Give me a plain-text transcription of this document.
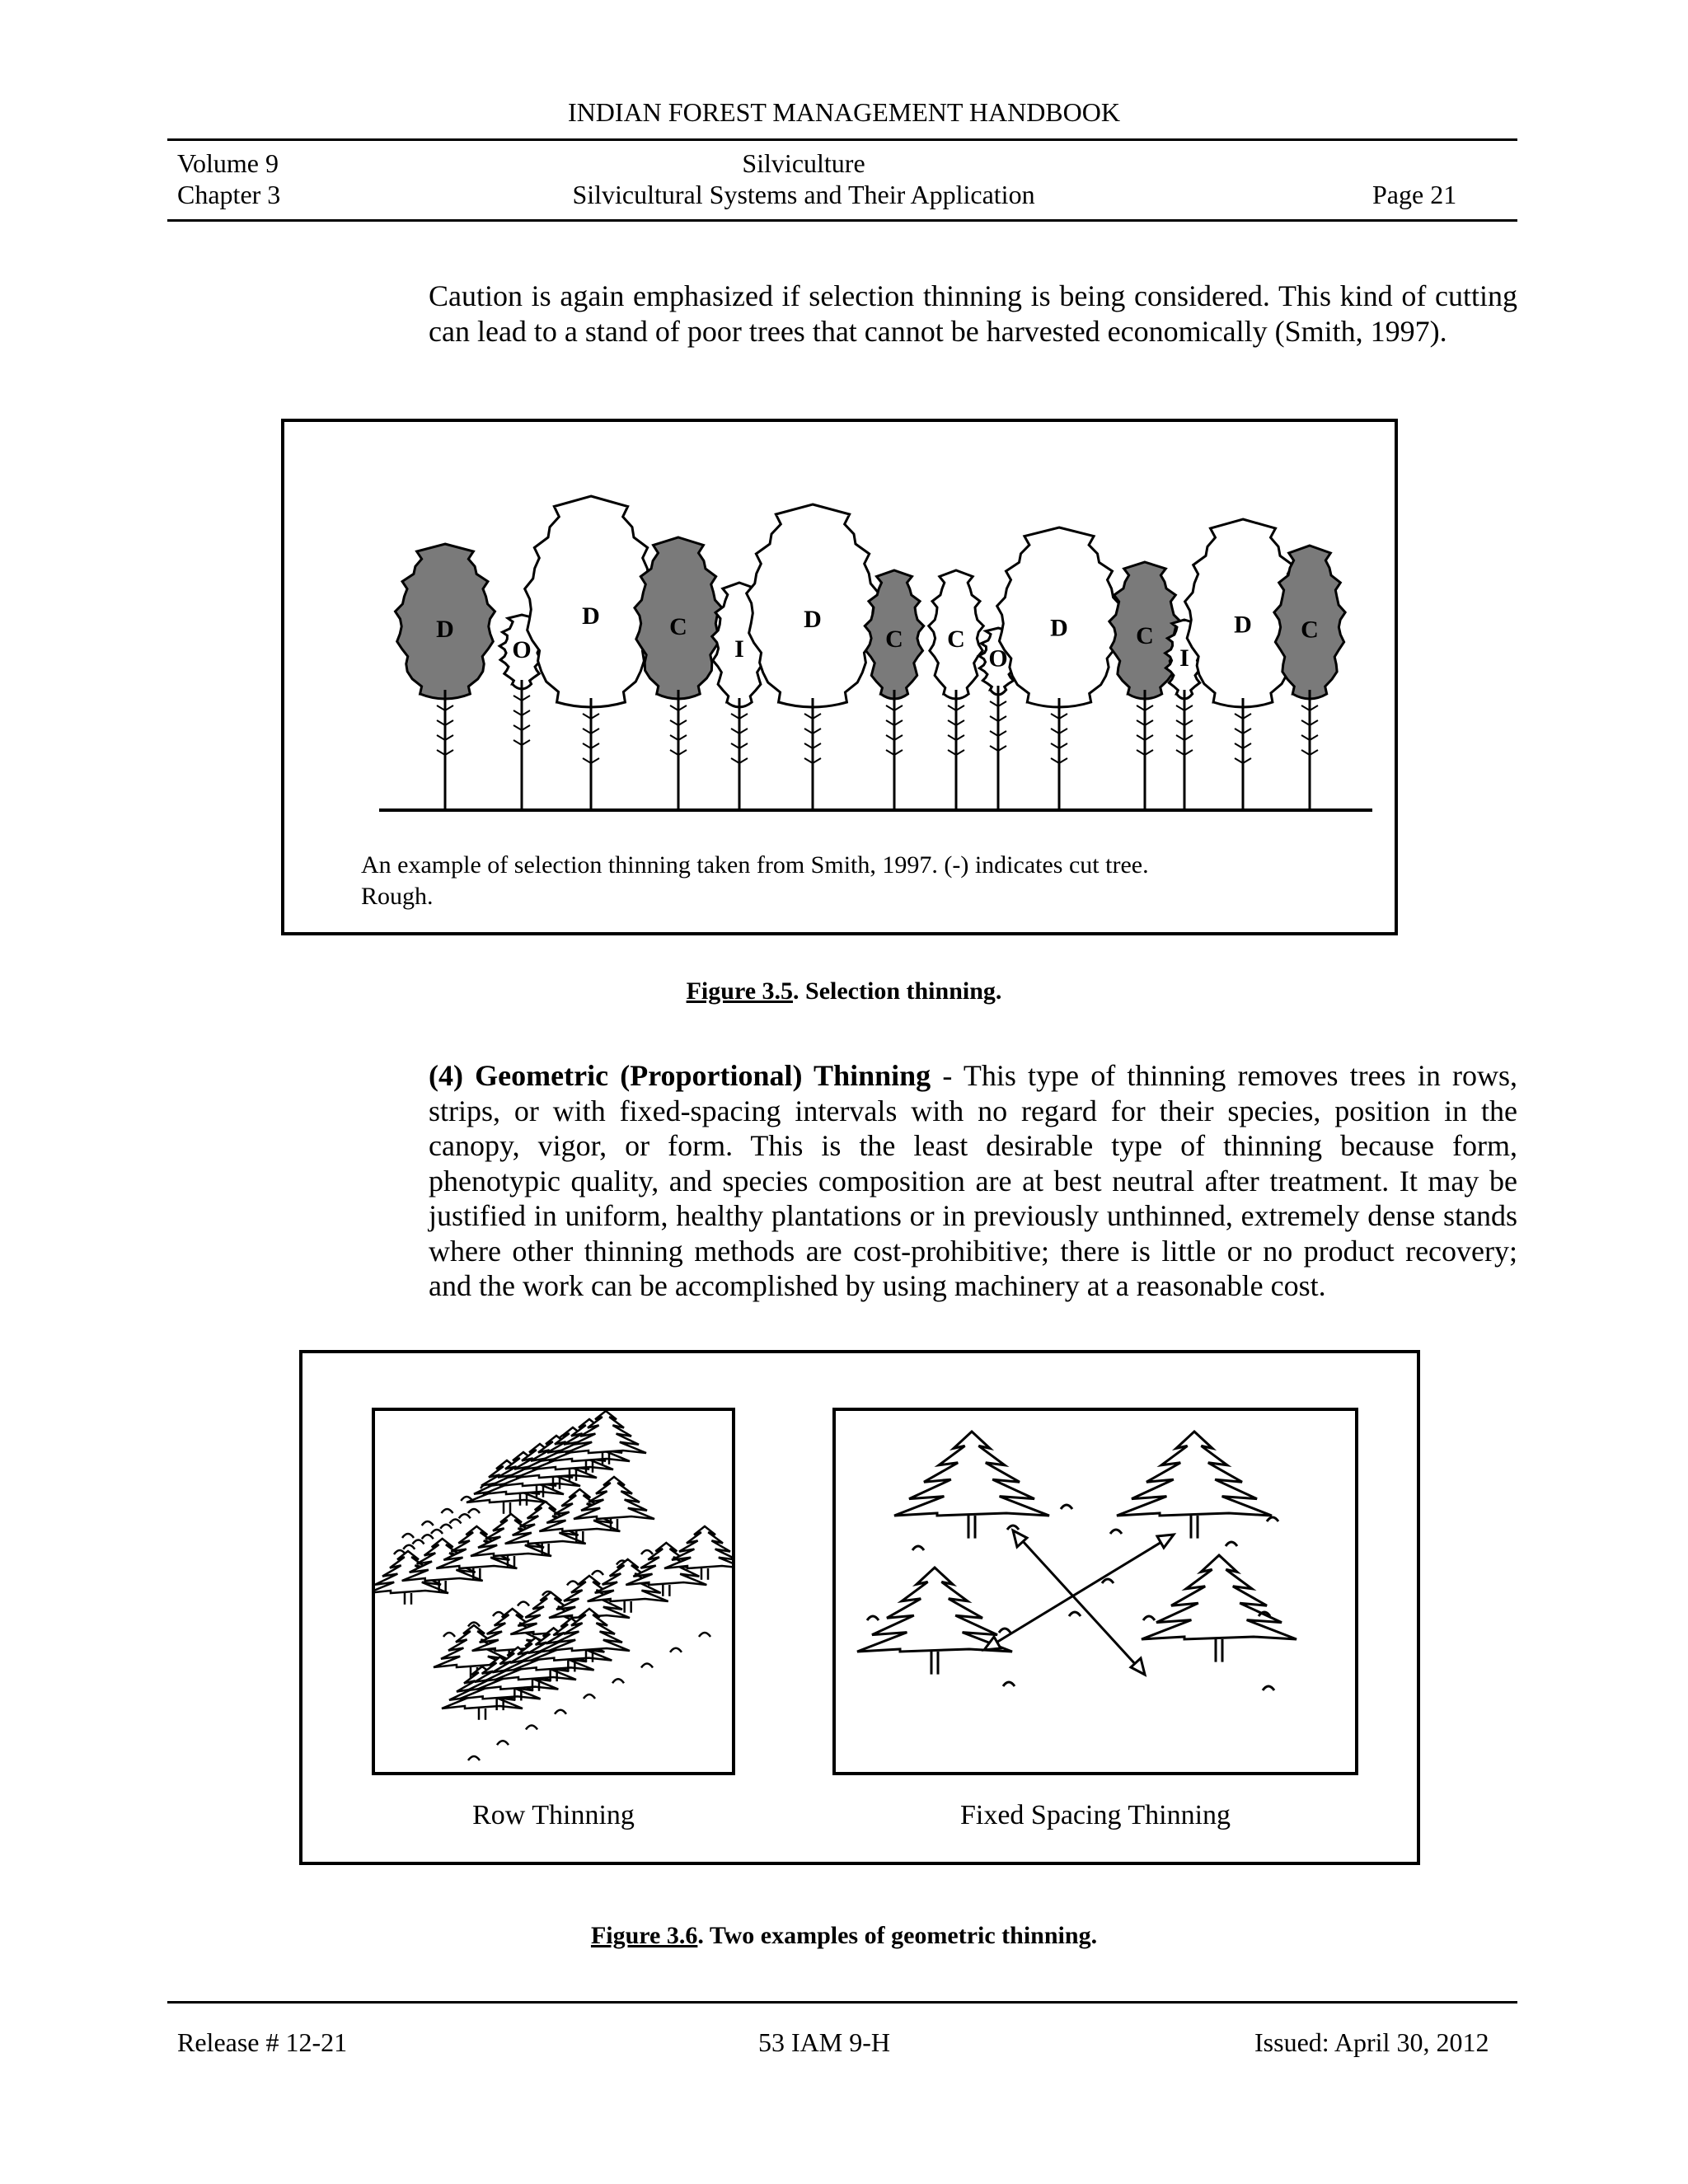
INDIAN FOREST MANAGEMENT HANDBOOK
Volume 9	Silviculture
Chapter 3	Silvicultural Systems and Their Application	Page 21
Caution is again emphasized if selection thinning is being considered. This kind of cutting can lead to a stand of poor trees that cannot be harvested economically (Smith, 1997).
D
O
D	C
I
D
C C
O
D	C
I
D C
An example of selection thinning taken from Smith, 1997. (-) indicates cut tree.
Rough.
Figure 3.5. Selection thinning.
(4) Geometric (Proportional) Thinning - This type of thinning removes trees in rows, strips, or with fixed-spacing intervals with no regard for their species, position in the canopy, vigor, or form. This is the least desirable type of thinning because form, phenotypic quality, and species composition are at best neutral after treatment. It may be justified in uniform, healthy plantations or in previously unthinned, extremely dense stands where other thinning methods are cost-prohibitive; there is little or no product recovery; and the work can be accomplished by using machinery at a reasonable cost.
Row Thinning	Fixed Spacing Thinning
Figure 3.6. Two examples of geometric thinning.
Release # 12-21	53 IAM 9-H	Issued: April 30, 2012
